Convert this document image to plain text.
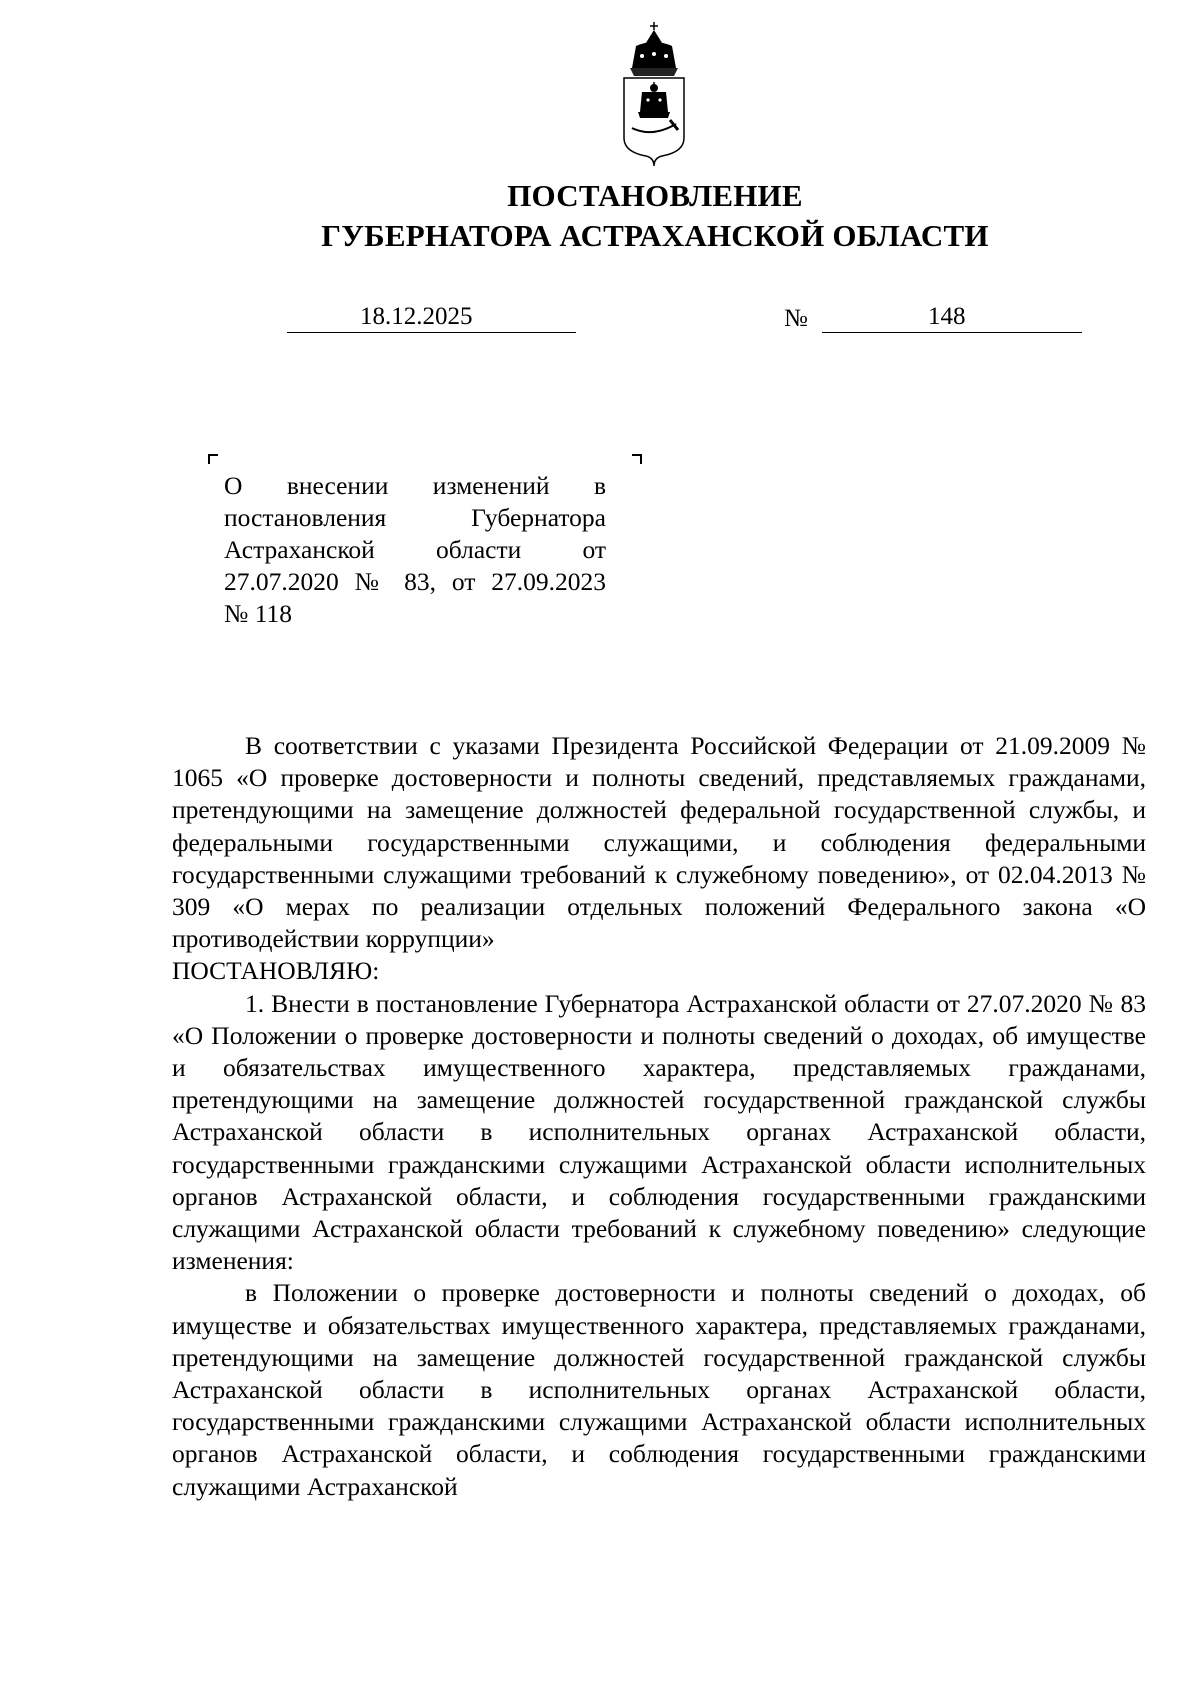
ПОСТАНОВЛЕНИЕ
ГУБЕРНАТОРА АСТРАХАНСКОЙ ОБЛАСТИ
18.12.2025	№	148
О внесении изменений в
постановления Губернатора
Астраханской области от
27.07.2020 № 83, от 27.09.2023
№ 118

В соответствии с указами Президента Российской Федерации от 21.09.2009 № 1065 «О проверке достоверности и полноты сведений, представляемых гражданами, претендующими на замещение должностей федеральной государственной службы, и федеральными государственными служащими, и соблюдения федеральными государственными служащими требований к служебному поведению», от 02.04.2013 № 309 «О мерах по реализации отдельных положений Федерального закона «О противодействии коррупции»

ПОСТАНОВЛЯЮ:

1. Внести в постановление Губернатора Астраханской области от 27.07.2020 № 83 «О Положении о проверке достоверности и полноты сведений о доходах, об имуществе и обязательствах имущественного характера, представляемых гражданами, претендующими на замещение должностей государственной гражданской службы Астраханской области в исполнительных органах Астраханской области, государственными гражданскими служащими Астраханской области исполнительных органов Астраханской области, и соблюдения государственными гражданскими служащими Астраханской области требований к служебному поведению» следующие изменения:

в Положении о проверке достоверности и полноты сведений о доходах, об имуществе и обязательствах имущественного характера, представляемых гражданами, претендующими на замещение должностей государственной гражданской службы Астраханской области в исполнительных органах Астраханской области, государственными гражданскими служащими Астраханской области исполнительных органов Астраханской области, и соблюдения государственными гражданскими служащими Астраханской
